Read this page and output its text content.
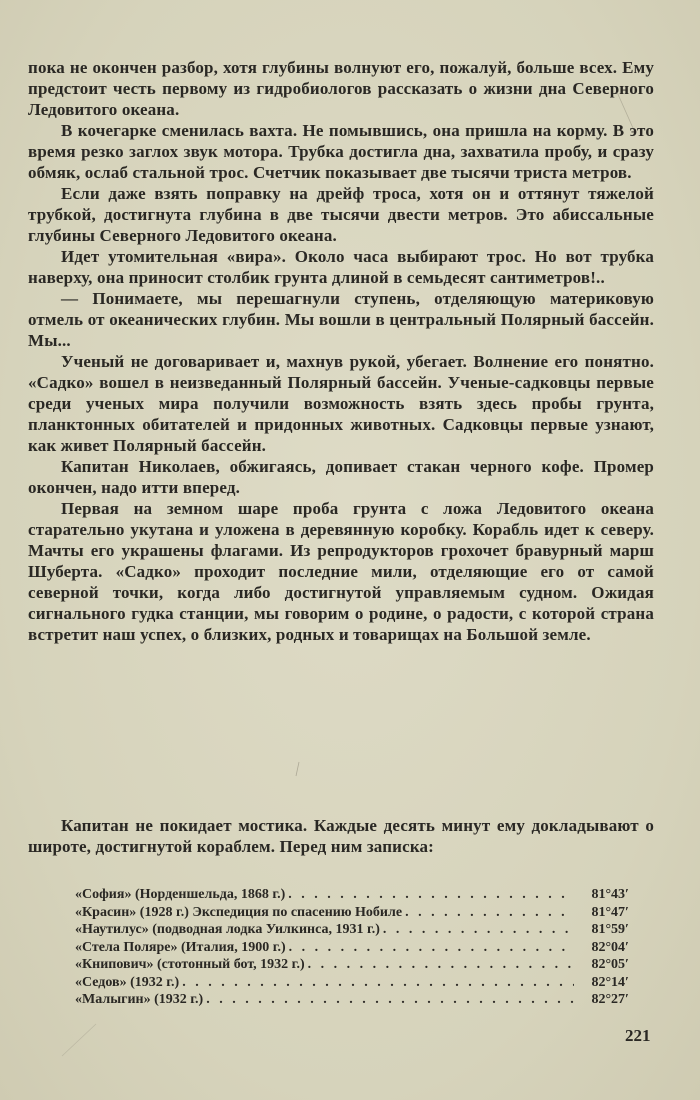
пока не окончен разбор, хотя глубины волнуют его, пожалуй, больше всех. Ему предстоит честь первому из гидробиологов рассказать о жизни дна Северного Ледовитого океана.

В кочегарке сменилась вахта. Не помывшись, она пришла на корму. В это время резко заглох звук мотора. Трубка достигла дна, захватила пробу, и сразу обмяк, ослаб стальной трос. Счетчик показывает две тысячи триста метров.

Если даже взять поправку на дрейф троса, хотя он и оттянут тяжелой трубкой, достигнута глубина в две тысячи двести метров. Это абиссальные глубины Северного Ледовитого океана.

Идет утомительная «вира». Около часа выбирают трос. Но вот трубка наверху, она приносит столбик грунта длиной в семьдесят сантиметров!..

— Понимаете, мы перешагнули ступень, отделяющую материковую отмель от океанических глубин. Мы вошли в центральный Полярный бассейн. Мы...

Ученый не договаривает и, махнув рукой, убегает. Волнение его понятно. «Садко» вошел в неизведанный Полярный бассейн. Ученые-садковцы первые среди ученых мира получили возможность взять здесь пробы грунта, планктонных обитателей и придонных животных. Садковцы первые узнают, как живет Полярный бассейн.

Капитан Николаев, обжигаясь, допивает стакан черного кофе. Промер окончен, надо итти вперед.

Первая на земном шаре проба грунта с ложа Ледовитого океана старательно укутана и уложена в деревянную коробку. Корабль идет к северу. Мачты его украшены флагами. Из репродукторов грохочет бравурный марш Шуберта. «Садко» проходит последние мили, отделяющие его от самой северной точки, когда либо достигнутой управляемым судном. Ожидая сигнального гудка станции, мы говорим о родине, о радости, с которой страна встретит наш успех, о близких, родных и товарищах на Большой земле.

Капитан не покидает мостика. Каждые десять минут ему докладывают о широте, достигнутой кораблем. Перед ним записка:

«София» (Норденшельда, 1868 г.) . . .	81°43′
«Красин» (1928 г.) Экспедиция по спасению Нобиле . . .	81°47′
«Наутилус» (подводная лодка Уилкинса, 1931 г.) . . .	81°59′
«Стела Поляре» (Италия, 1900 г.) . . .	82°04′
«Книпович» (стотонный бот, 1932 г.) . . .	82°05′
«Седов» (1932 г.) . . .	82°14′
«Малыгин» (1932 г.) . . .	82°27′
221
